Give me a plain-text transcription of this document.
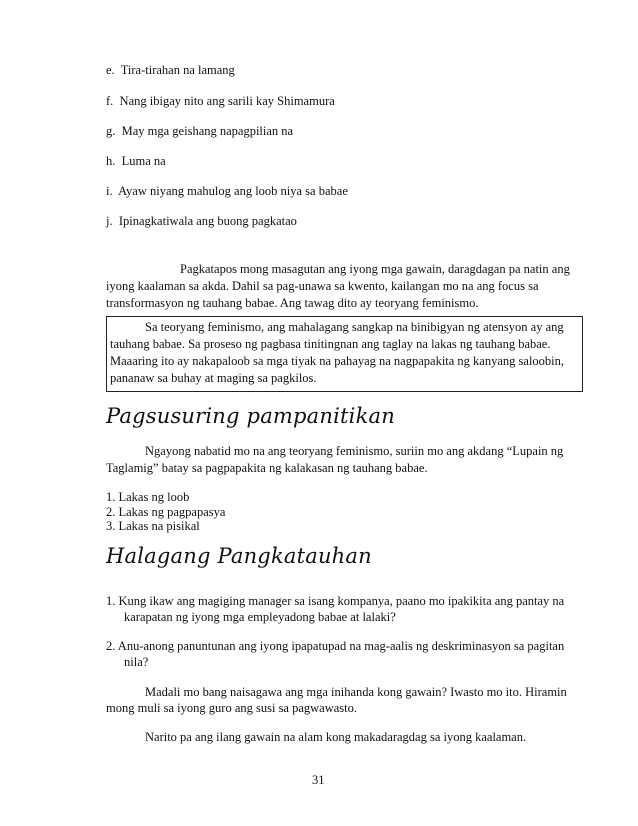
e. Tira-tirahan na lamang
f. Nang ibigay nito ang sarili kay Shimamura
g. May mga geishang napagpilian na
h. Luma na
i. Ayaw niyang mahulog ang loob niya sa babae
j. Ipinagkatiwala ang buong pagkatao
Pagkatapos mong masagutan ang iyong mga gawain, daragdagan pa natin ang
iyong kaalaman sa akda. Dahil sa pag-unawa sa kwento, kailangan mo na ang focus sa
transformasyon ng tauhang babae. Ang tawag dito ay teoryang feminismo.
Sa teoryang feminismo, ang mahalagang sangkap na binibigyan ng atensyon ay ang
tauhang babae. Sa proseso ng pagbasa tinitingnan ang taglay na lakas ng tauhang babae.
Maaaring ito ay nakapaloob sa mga tiyak na pahayag na nagpapakita ng kanyang saloobin,
pananaw sa buhay at maging sa pagkilos.
Pagsusuring pampanitikan
Ngayong nabatid mo na ang teoryang feminismo, suriin mo ang akdang “Lupain ng
Taglamig” batay sa pagpapakita ng kalakasan ng tauhang babae.
1. Lakas ng loob
2. Lakas ng pagpapasya
3. Lakas na pisikal
Halagang Pangkatauhan
1. Kung ikaw ang magiging manager sa isang kompanya, paano mo ipakikita ang pantay na
karapatan ng iyong mga empleyadong babae at lalaki?
2. Anu-anong panuntunan ang iyong ipapatupad na mag-aalis ng deskriminasyon sa pagitan
nila?
Madali mo bang naisagawa ang mga inihanda kong gawain? Iwasto mo ito. Hiramin
mong muli sa iyong guro ang susi sa pagwawasto.
Narito pa ang ilang gawain na alam kong makadaragdag sa iyong kaalaman.
31
